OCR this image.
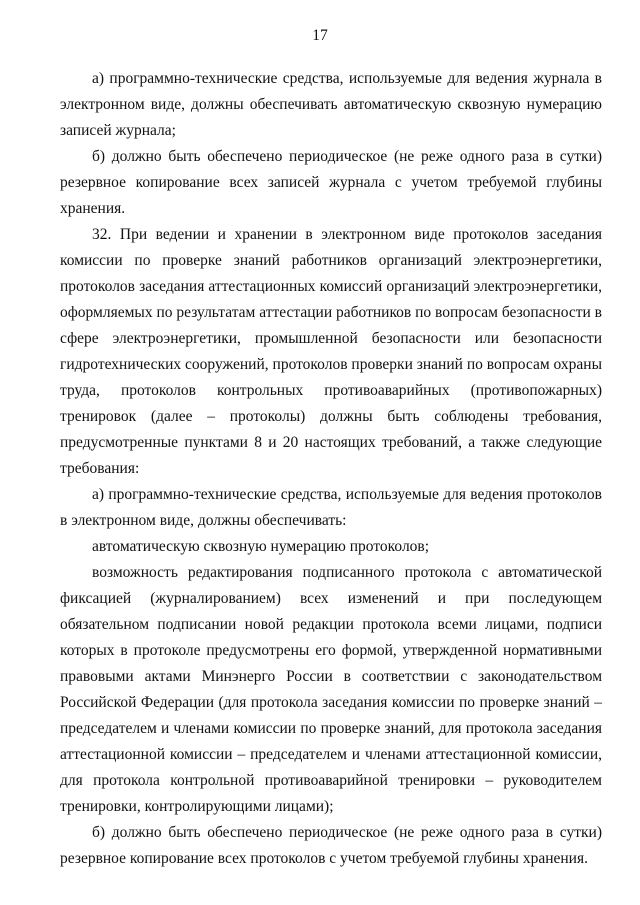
17

а) программно-технические средства, используемые для ведения журнала в электронном виде, должны обеспечивать автоматическую сквозную нумерацию записей журнала;

б) должно быть обеспечено периодическое (не реже одного раза в сутки) резервное копирование всех записей журнала с учетом требуемой глубины хранения.

32. При ведении и хранении в электронном виде протоколов заседания комиссии по проверке знаний работников организаций электроэнергетики, протоколов заседания аттестационных комиссий организаций электроэнергетики, оформляемых по результатам аттестации работников по вопросам безопасности в сфере электроэнергетики, промышленной безопасности или безопасности гидротехнических сооружений, протоколов проверки знаний по вопросам охраны труда, протоколов контрольных противоаварийных (противопожарных) тренировок (далее – протоколы) должны быть соблюдены требования, предусмотренные пунктами 8 и 20 настоящих требований, а также следующие требования:

а) программно-технические средства, используемые для ведения протоколов в электронном виде, должны обеспечивать:

автоматическую сквозную нумерацию протоколов;

возможность редактирования подписанного протокола с автоматической фиксацией (журналированием) всех изменений и при последующем обязательном подписании новой редакции протокола всеми лицами, подписи которых в протоколе предусмотрены его формой, утвержденной нормативными правовыми актами Минэнерго России в соответствии с законодательством Российской Федерации (для протокола заседания комиссии по проверке знаний – председателем и членами комиссии по проверке знаний, для протокола заседания аттестационной комиссии – председателем и членами аттестационной комиссии, для протокола контрольной противоаварийной тренировки – руководителем тренировки, контролирующими лицами);

б) должно быть обеспечено периодическое (не реже одного раза в сутки) резервное копирование всех протоколов с учетом требуемой глубины хранения.
